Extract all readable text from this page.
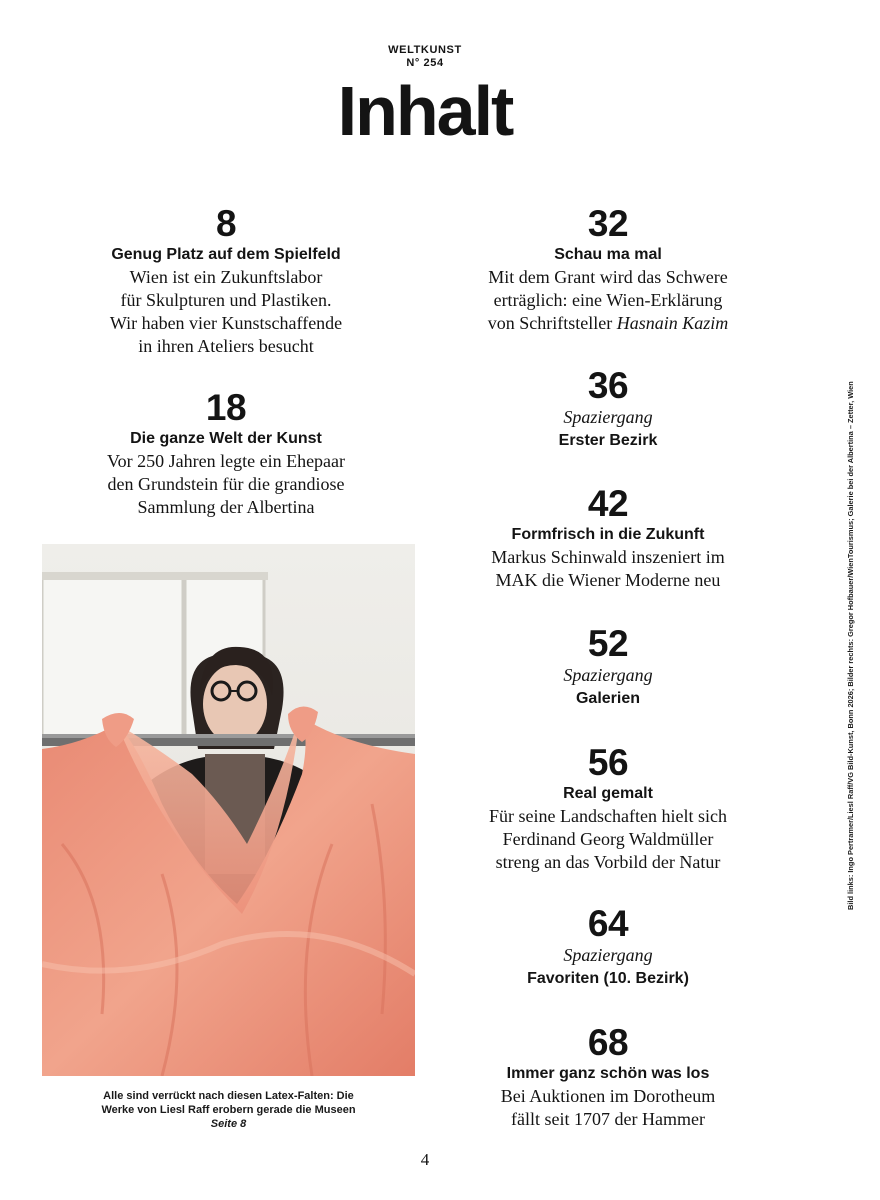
WELTKUNST
N° 254
Inhalt
8
Genug Platz auf dem Spielfeld
Wien ist ein Zukunftslabor
für Skulpturen und Plastiken.
Wir haben vier Kunstschaffende
in ihren Ateliers besucht
18
Die ganze Welt der Kunst
Vor 250 Jahren legte ein Ehepaar
den Grundstein für die grandiose
Sammlung der Albertina
Alle sind verrückt nach diesen Latex-Falten: Die
Werke von Liesl Raff erobern gerade die Museen
Seite 8
32
Schau ma mal
Mit dem Grant wird das Schwere
erträglich: eine Wien-Erklärung
von Schriftsteller Hasnain Kazim
36
Spaziergang
Erster Bezirk
42
Formfrisch in die Zukunft
Markus Schinwald inszeniert im
MAK die Wiener Moderne neu
52
Spaziergang
Galerien
56
Real gemalt
Für seine Landschaften hielt sich
Ferdinand Georg Waldmüller
streng an das Vorbild der Natur
64
Spaziergang
Favoriten (10. Bezirk)
68
Immer ganz schön was los
Bei Auktionen im Dorotheum
fällt seit 1707 der Hammer
Bild links: Ingo Pertramer/Liesl Raff/VG Bild-Kunst, Bonn 2026; Bilder rechts: Gregor Hofbauer/WienTourismus; Galerie bei der Albertina – Zetter, Wien
4
